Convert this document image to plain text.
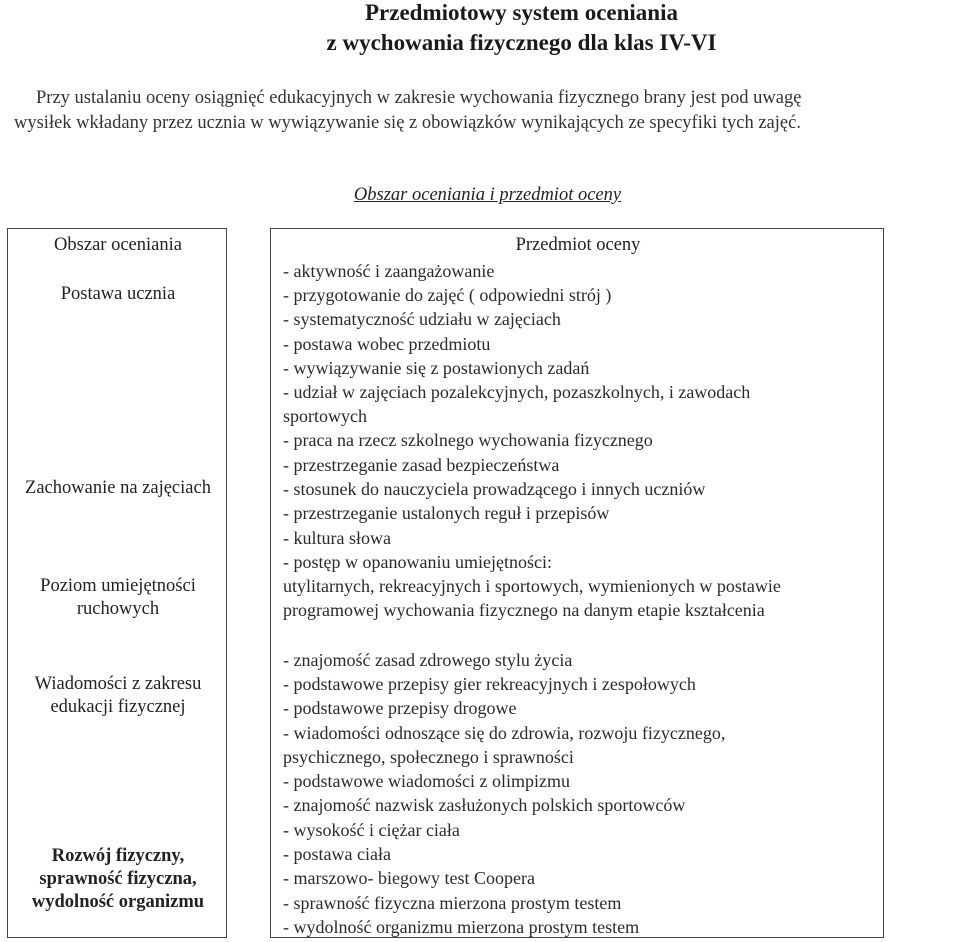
Przedmiotowy system oceniania
z wychowania fizycznego dla klas IV-VI
Przy ustalaniu oceny osiągnięć edukacyjnych w zakresie wychowania fizycznego brany jest pod uwagę
wysiłek wkładany przez ucznia w wywiązywanie się z obowiązków wynikających ze specyfiki tych zajęć.
Obszar oceniania i przedmiot oceny
Obszar oceniania
Postawa ucznia
Zachowanie na zajęciach
Poziom umiejętności
ruchowych
Wiadomości z zakresu
edukacji fizycznej
Rozwój fizyczny,
sprawność fizyczna,
wydolność organizmu
Przedmiot oceny
- aktywność i zaangażowanie
- przygotowanie do zajęć ( odpowiedni strój )
- systematyczność udziału w zajęciach
- postawa wobec przedmiotu
- wywiązywanie się z postawionych zadań
- udział w zajęciach pozalekcyjnych, pozaszkolnych, i zawodach
sportowych
- praca na rzecz szkolnego wychowania fizycznego
- przestrzeganie zasad bezpieczeństwa
- stosunek do nauczyciela prowadzącego i innych uczniów
- przestrzeganie ustalonych reguł i przepisów
- kultura słowa
- postęp w opanowaniu umiejętności:
utylitarnych, rekreacyjnych i sportowych, wymienionych w postawie
programowej wychowania fizycznego na danym etapie kształcenia
- znajomość zasad zdrowego stylu życia
- podstawowe przepisy gier rekreacyjnych i zespołowych
- podstawowe przepisy drogowe
- wiadomości odnoszące się do zdrowia, rozwoju fizycznego,
psychicznego, społecznego i sprawności
- podstawowe wiadomości z olimpizmu
- znajomość nazwisk zasłużonych polskich sportowców
- wysokość i ciężar ciała
- postawa ciała
- marszowo- biegowy test Coopera
- sprawność fizyczna mierzona prostym testem
- wydolność organizmu mierzona prostym testem
